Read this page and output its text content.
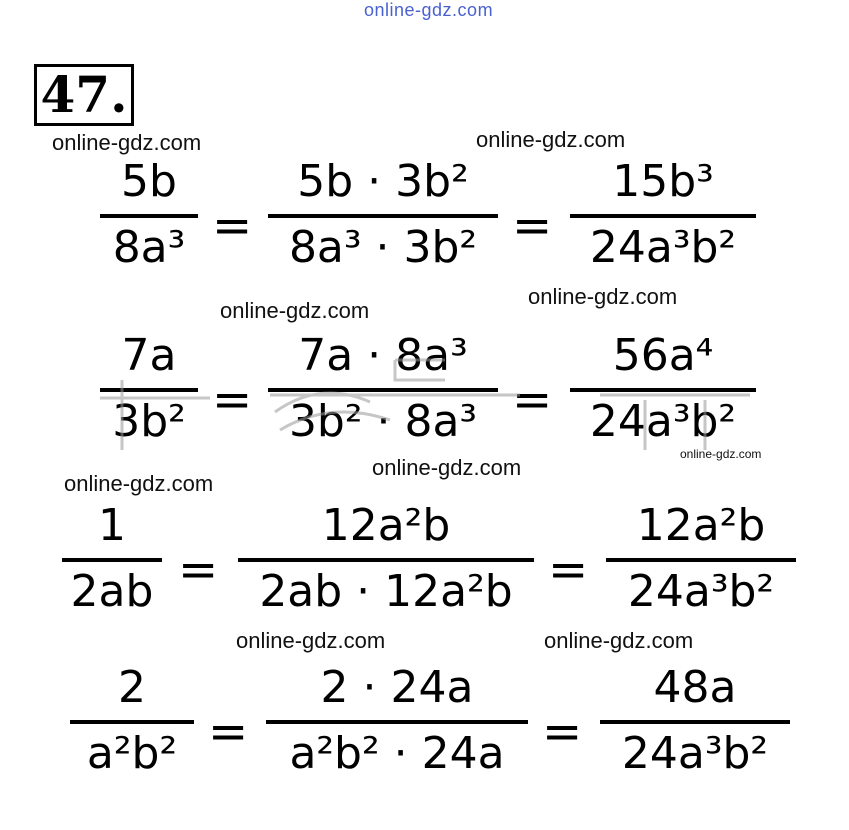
online-gdz.com
47.
online-gdz.com	online-gdz.com
online-gdz.com
online-gdz.com
online-gdz.com
online-gdz.com
online-gdz.com
online-gdz.com	online-gdz.com
5b
8a³ =
5b · 3b²
8a³ · 3b² =
15b³
24a³b²
7a
3b² =
7a · 8a³
3b² · 8a³ =
56a⁴
24a³b²
1
2ab =
12a²b
2ab · 12a²b =
12a²b
24a³b²
2
a²b² =
2 · 24a
a²b² · 24a =
48a
24a³b²
